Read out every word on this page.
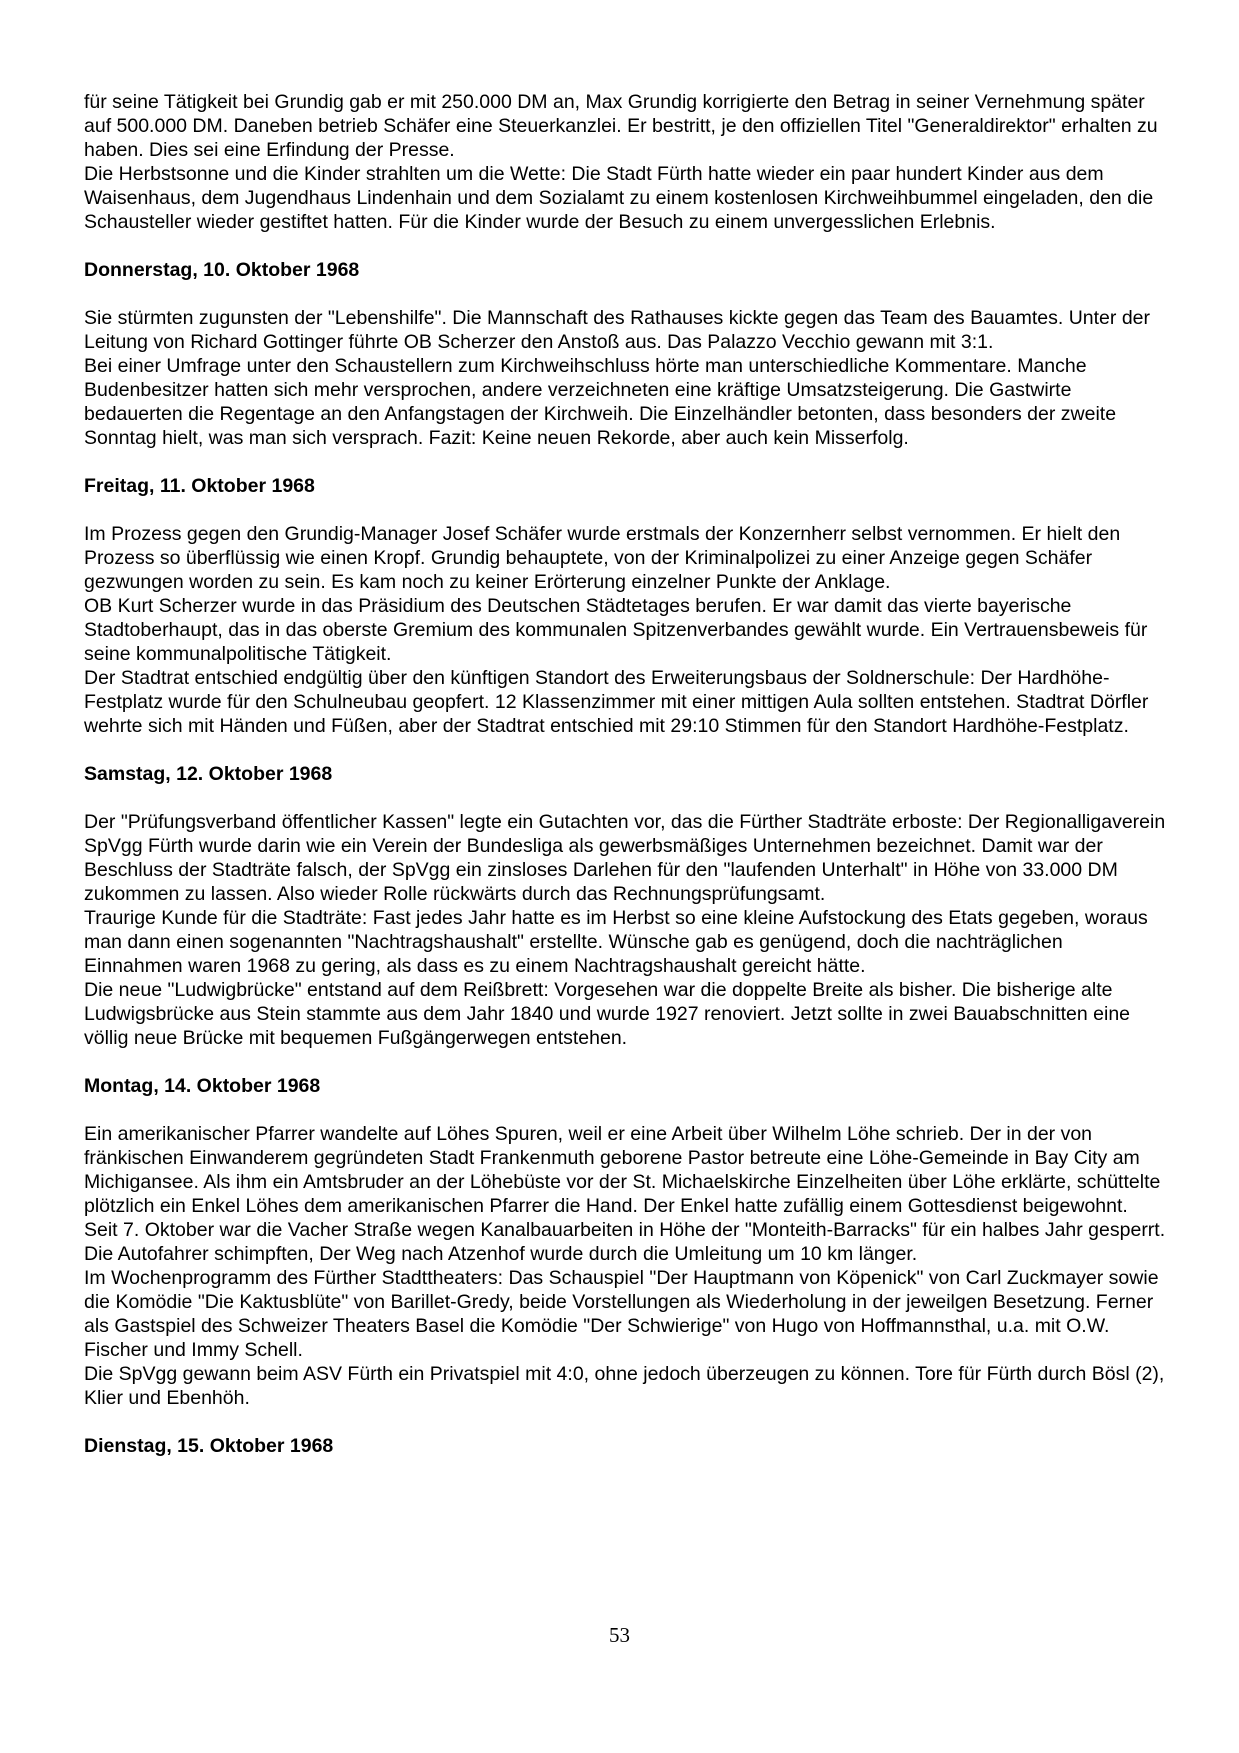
für seine Tätigkeit bei Grundig gab er mit 250.000 DM an, Max Grundig korrigierte den Betrag in seiner Vernehmung später auf 500.000 DM. Daneben betrieb Schäfer eine Steuerkanzlei. Er bestritt, je den offiziellen Titel "Generaldirektor" erhalten zu haben. Dies sei eine Erfindung der Presse.

Die Herbstsonne und die Kinder strahlten um die Wette: Die Stadt Fürth hatte wieder ein paar hundert Kinder aus dem Waisenhaus, dem Jugendhaus Lindenhain und dem Sozialamt zu einem kostenlosen Kirchweihbummel eingeladen, den die Schausteller wieder gestiftet hatten. Für die Kinder wurde der Besuch zu einem unvergesslichen Erlebnis.

Donnerstag, 10. Oktober 1968

Sie stürmten zugunsten der "Lebenshilfe". Die Mannschaft des Rathauses kickte gegen das Team des Bauamtes. Unter der Leitung von Richard Gottinger führte OB Scherzer den Anstoß aus. Das Palazzo Vecchio gewann mit 3:1.

Bei einer Umfrage unter den Schaustellern zum Kirchweihschluss hörte man unterschiedliche Kommentare. Manche Budenbesitzer hatten sich mehr versprochen, andere verzeichneten eine kräftige Umsatzsteigerung. Die Gastwirte bedauerten die Regentage an den Anfangstagen der Kirchweih. Die Einzelhändler betonten, dass besonders der zweite Sonntag hielt, was man sich versprach. Fazit: Keine neuen Rekorde, aber auch kein Misserfolg.

Freitag, 11. Oktober 1968

Im Prozess gegen den Grundig-Manager Josef Schäfer wurde erstmals der Konzernherr selbst vernommen. Er hielt den Prozess so überflüssig wie einen Kropf. Grundig behauptete, von der Kriminalpolizei zu einer Anzeige gegen Schäfer gezwungen worden zu sein. Es kam noch zu keiner Erörterung einzelner Punkte der Anklage.

OB Kurt Scherzer wurde in das Präsidium des Deutschen Städtetages berufen. Er war damit das vierte bayerische Stadtoberhaupt, das in das oberste Gremium des kommunalen Spitzenverbandes gewählt wurde. Ein Vertrauensbeweis für seine kommunalpolitische Tätigkeit.

Der Stadtrat entschied endgültig über den künftigen Standort des Erweiterungsbaus der Soldnerschule: Der Hardhöhe-Festplatz wurde für den Schulneubau geopfert. 12 Klassenzimmer mit einer mittigen Aula sollten entstehen. Stadtrat Dörfler wehrte sich mit Händen und Füßen, aber der Stadtrat entschied mit 29:10 Stimmen für den Standort Hardhöhe-Festplatz.

Samstag, 12. Oktober 1968

Der "Prüfungsverband öffentlicher Kassen" legte ein Gutachten vor, das die Fürther Stadträte erboste: Der Regionalligaverein SpVgg Fürth wurde darin wie ein Verein der Bundesliga als gewerbsmäßiges Unternehmen bezeichnet. Damit war der Beschluss der Stadträte falsch, der SpVgg ein zinsloses Darlehen für den "laufenden Unterhalt" in Höhe von 33.000 DM zukommen zu lassen. Also wieder Rolle rückwärts durch das Rechnungsprüfungsamt.

Traurige Kunde für die Stadträte: Fast jedes Jahr hatte es im Herbst so eine kleine Aufstockung des Etats gegeben, woraus man dann einen sogenannten "Nachtragshaushalt" erstellte. Wünsche gab es genügend, doch die nachträglichen Einnahmen waren 1968 zu gering, als dass es zu einem Nachtragshaushalt gereicht hätte.

Die neue "Ludwigbrücke" entstand auf dem Reißbrett: Vorgesehen war die doppelte Breite als bisher. Die bisherige alte Ludwigsbrücke aus Stein stammte aus dem Jahr 1840 und wurde 1927 renoviert. Jetzt sollte in zwei Bauabschnitten eine völlig neue Brücke mit bequemen Fußgängerwegen entstehen.

Montag, 14. Oktober 1968

Ein amerikanischer Pfarrer wandelte auf Löhes Spuren, weil er eine Arbeit über Wilhelm Löhe schrieb. Der in der von fränkischen Einwanderem gegründeten Stadt Frankenmuth geborene Pastor betreute eine Löhe-Gemeinde in Bay City am Michigansee. Als ihm ein Amtsbruder an der Löhebüste vor der St. Michaelskirche Einzelheiten über Löhe erklärte, schüttelte plötzlich ein Enkel Löhes dem amerikanischen Pfarrer die Hand. Der Enkel hatte zufällig einem Gottesdienst beigewohnt.

Seit 7. Oktober war die Vacher Straße wegen Kanalbauarbeiten in Höhe der "Monteith-Barracks" für ein halbes Jahr gesperrt. Die Autofahrer schimpften, Der Weg nach Atzenhof wurde durch die Umleitung um 10 km länger.

Im Wochenprogramm des Fürther Stadttheaters: Das Schauspiel "Der Hauptmann von Köpenick" von Carl Zuckmayer sowie die Komödie "Die Kaktusblüte" von Barillet-Gredy, beide Vorstellungen als Wiederholung in der jeweilgen Besetzung. Ferner als Gastspiel des Schweizer Theaters Basel die Komödie "Der Schwierige" von Hugo von Hoffmannsthal, u.a. mit O.W. Fischer und Immy Schell.

Die SpVgg gewann beim ASV Fürth ein Privatspiel mit 4:0, ohne jedoch überzeugen zu können. Tore für Fürth durch Bösl (2), Klier und Ebenhöh.

Dienstag, 15. Oktober 1968
53
